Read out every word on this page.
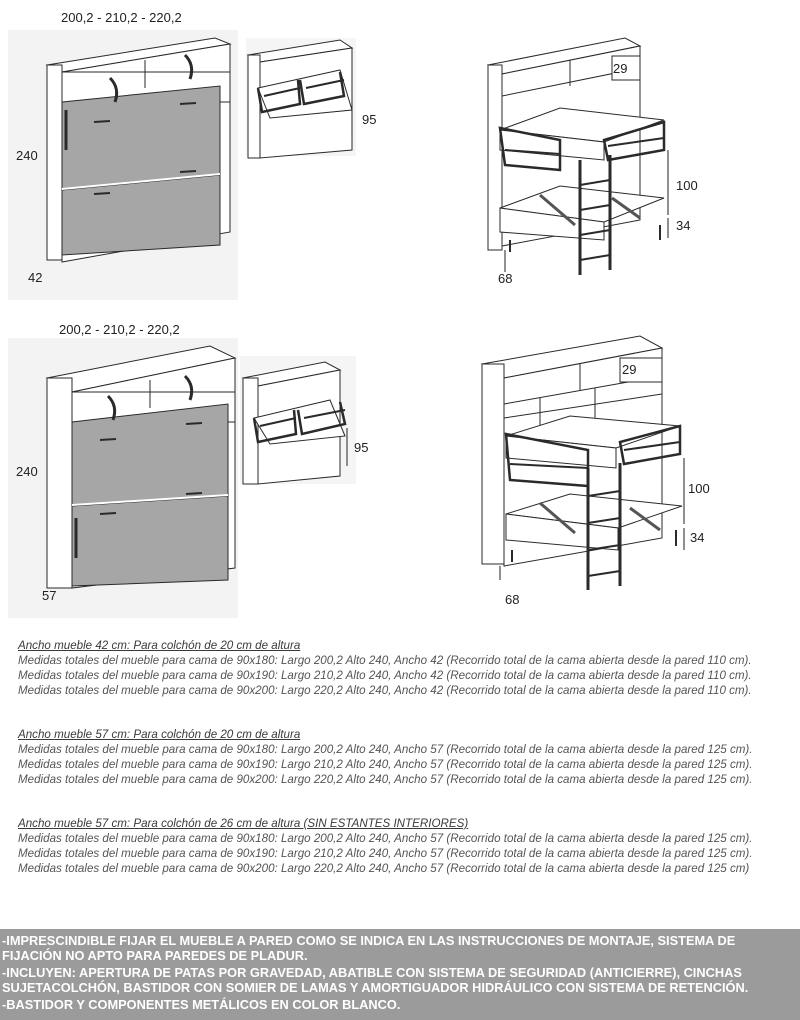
200,2 - 210,2 - 220,2
240
42
95
29
100
34
68
200,2 - 210,2 - 220,2
240
57
95
29
100
34
68
Ancho mueble 42 cm: Para colchón de 20 cm de altura
Medidas totales del mueble para cama de 90x180: Largo 200,2 Alto 240, Ancho 42 (Recorrido total de la cama abierta desde la pared 110 cm).
Medidas totales del mueble para cama de 90x190: Largo 210,2 Alto 240, Ancho 42 (Recorrido total de la cama abierta desde la pared 110 cm).
Medidas totales del mueble para cama de 90x200: Largo 220,2 Alto 240, Ancho 42 (Recorrido total de la cama abierta desde la pared 110 cm).
Ancho mueble 57 cm: Para colchón de 20 cm de altura
Medidas totales del mueble para cama de 90x180: Largo 200,2 Alto 240, Ancho 57 (Recorrido total de la cama abierta desde la pared 125 cm).
Medidas totales del mueble para cama de 90x190: Largo 210,2 Alto 240, Ancho 57 (Recorrido total de la cama abierta desde la pared 125 cm).
Medidas totales del mueble para cama de 90x200: Largo 220,2 Alto 240, Ancho 57 (Recorrido total de la cama abierta desde la pared 125 cm).
Ancho mueble 57 cm: Para colchón de 26 cm de altura (SIN ESTANTES INTERIORES)
Medidas totales del mueble para cama de 90x180: Largo 200,2 Alto 240, Ancho 57 (Recorrido total de la cama abierta desde la pared 125 cm).
Medidas totales del mueble para cama de 90x190: Largo 210,2 Alto 240, Ancho 57 (Recorrido total de la cama abierta desde la pared 125 cm).
Medidas totales del mueble para cama de 90x200: Largo 220,2 Alto 240, Ancho 57 (Recorrido total de la cama abierta desde la pared 125 cm)
-IMPRESCINDIBLE FIJAR EL MUEBLE A PARED COMO SE INDICA EN LAS INSTRUCCIONES DE MONTAJE, SISTEMA DE FIJACIÓN NO APTO PARA PAREDES DE PLADUR.
-INCLUYEN: APERTURA DE PATAS POR GRAVEDAD, ABATIBLE CON SISTEMA DE SEGURIDAD (ANTICIERRE), CINCHAS SUJETACOLCHÓN, BASTIDOR CON SOMIER DE LAMAS Y AMORTIGUADOR HIDRÁULICO CON SISTEMA DE RETENCIÓN.
-BASTIDOR Y COMPONENTES METÁLICOS EN COLOR BLANCO.
